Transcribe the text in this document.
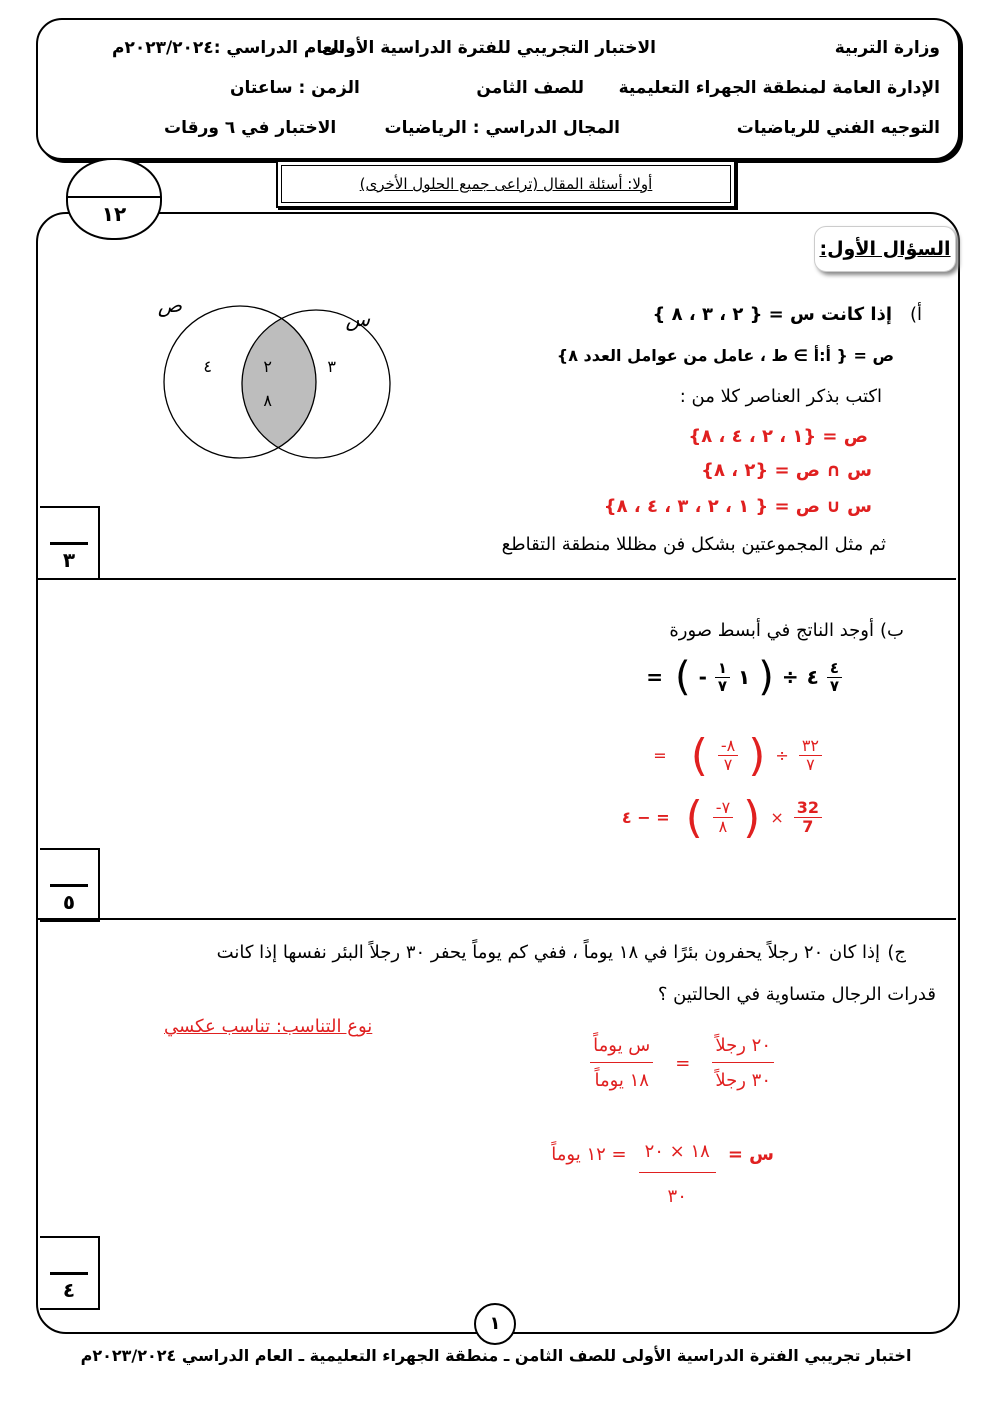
وزارة التربية
الاختبار التجريبي للفترة الدراسية الأولى
العام الدراسي :٢٠٢٣/٢٠٢٤م
الإدارة العامة لمنطقة الجهراء التعليمية
للصف الثامن
الزمن : ساعتان
التوجيه الفني للرياضيات
المجال الدراسي : الرياضيات
الاختبار في ٦ ورقات
١٢
أولا: أسئلة المقال (تراعى جميع الحلول الأخرى)
السؤال الأول:
أ)
إذا كانت س = { ٢ ، ٣ ، ٨ }
ص = { أ:أ ∋ ط ، عامل من عوامل العدد ٨}
اكتب بذكر العناصر كلا من :
ص = {١ ، ٢ ، ٤ ، ٨}
س ∩ ص = {٢ ، ٨}
س ∪ ص = { ١ ، ٢ ، ٣ ، ٤ ، ٨}
ثم مثل المجموعتين بشكل فن مظللا منطقة التقاطع
ص
س
٤	٣
٢
٨
٣
ب)
أوجد الناتج في أبسط صورة
$\frac{٤}{٧}$
٤
÷
(
١
$\frac{١}{٧}$
-
)
=
$\frac{٣٢}{٧}$
÷
(
$\frac{٨-}{٧}$
)
=
$\frac{32}{7}$
×
(
$\frac{٧-}{٨}$
)
= − ٤
٥
ج)
إذا كان ٢٠ رجلاً يحفرون بئرًا في ١٨ يوماً ، ففي كم يوماً يحفر ٣٠ رجلاً البئر نفسها إذا كانت
قدرات الرجال متساوية في الحالتين ؟
نوع التناسب: تناسب عكسي
$\frac{\text{٢٠ رجلاً}}{\text{٣٠ رجلاً}}$
=
$\frac{\text{س يوماً}}{\text{١٨ يوماً}}$
س =
$\frac{١٨ \times ٢٠}{٣٠}$
= ١٢ يوماً
٤
١
اختبار تجريبي الفترة الدراسية الأولى للصف الثامن ـ منطقة الجهراء التعليمية ـ العام الدراسي ٢٠٢٣/٢٠٢٤م
